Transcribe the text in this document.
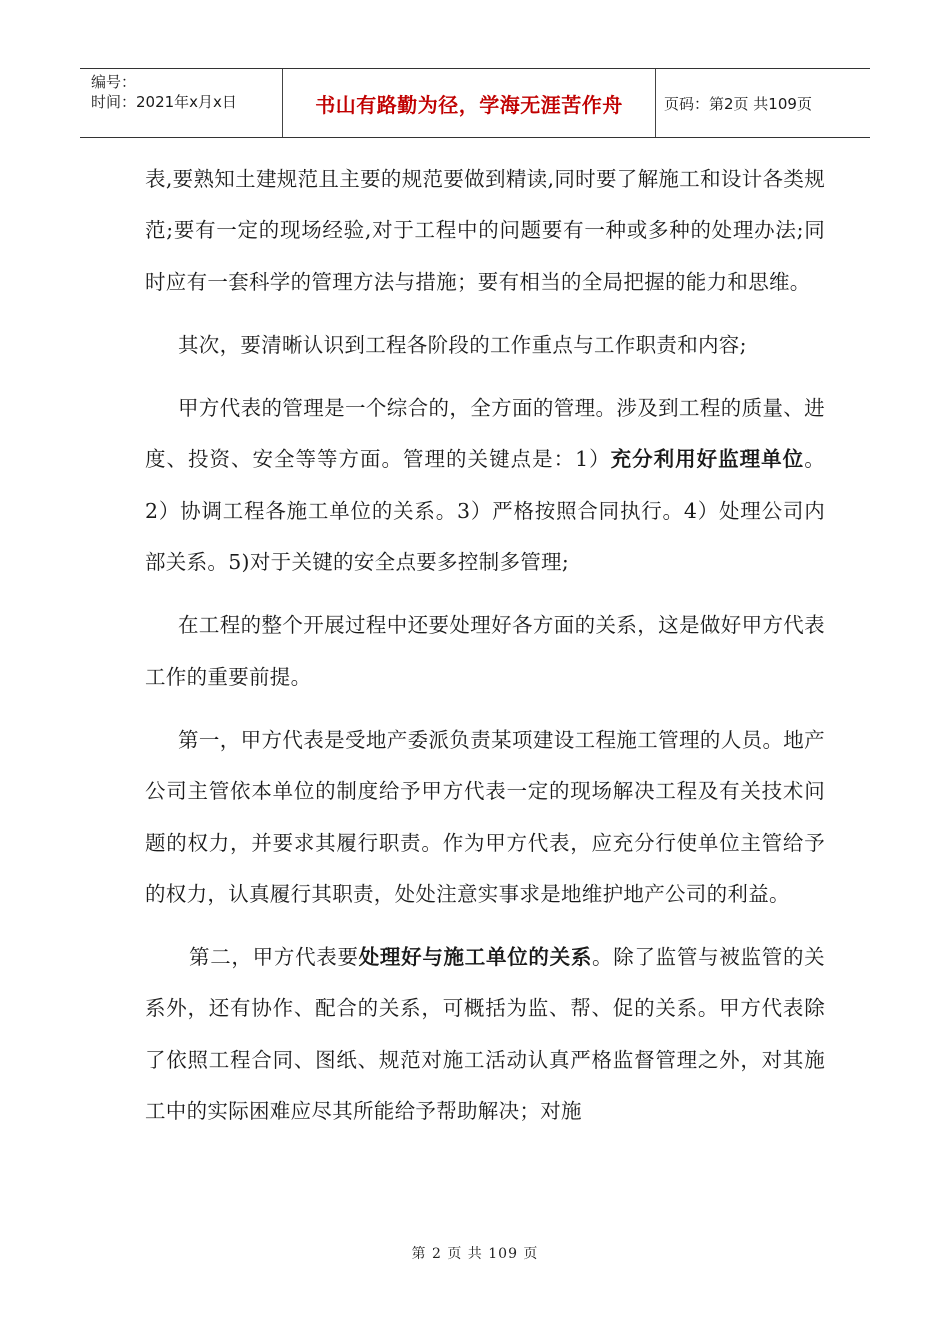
编号：
时间：2021年x月x日	书山有路勤为径，学海无涯苦作舟	页码：第2页 共109页

表,要熟知土建规范且主要的规范要做到精读,同时要了解施工和设计各类规范;要有一定的现场经验,对于工程中的问题要有一种或多种的处理办法;同时应有一套科学的管理方法与措施；要有相当的全局把握的能力和思维。

其次，要清晰认识到工程各阶段的工作重点与工作职责和内容;

甲方代表的管理是一个综合的，全方面的管理。涉及到工程的质量、进度、投资、安全等等方面。管理的关键点是：1）充分利用好监理单位。2）协调工程各施工单位的关系。3）严格按照合同执行。4）处理公司内部关系。5)对于关键的安全点要多控制多管理;

在工程的整个开展过程中还要处理好各方面的关系，这是做好甲方代表工作的重要前提。

第一，甲方代表是受地产委派负责某项建设工程施工管理的人员。地产公司主管依本单位的制度给予甲方代表一定的现场解决工程及有关技术问题的权力，并要求其履行职责。作为甲方代表，应充分行使单位主管给予的权力，认真履行其职责，处处注意实事求是地维护地产公司的利益。

第二，甲方代表要处理好与施工单位的关系。除了监管与被监管的关系外，还有协作、配合的关系，可概括为监、帮、促的关系。甲方代表除了依照工程合同、图纸、规范对施工活动认真严格监督管理之外，对其施工中的实际困难应尽其所能给予帮助解决；对施

第 2 页 共 109 页
